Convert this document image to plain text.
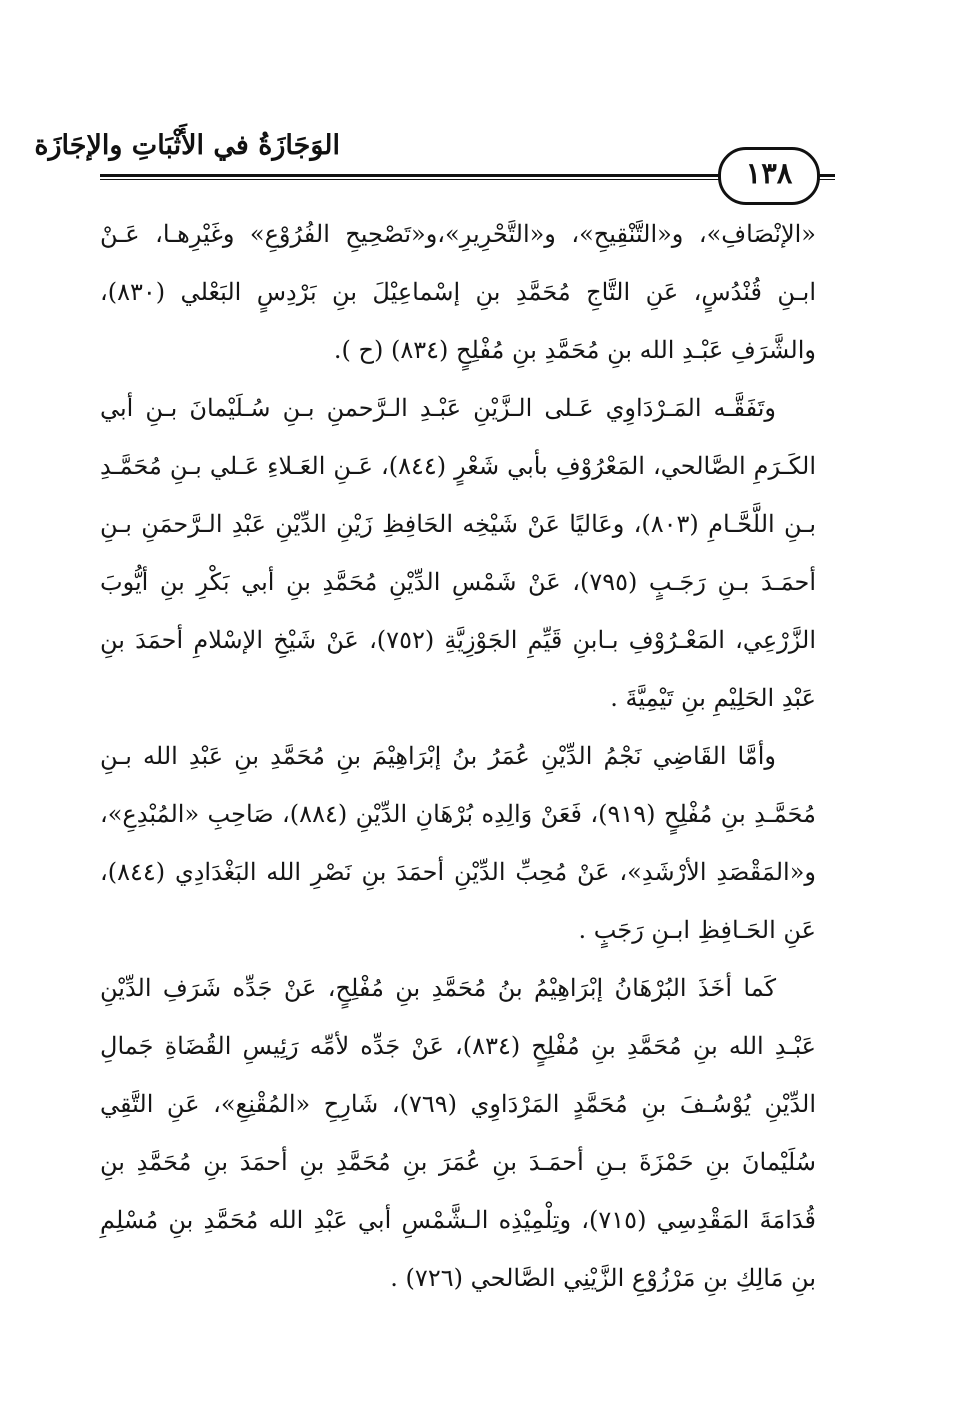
الوَجَازَةُ في الأَثْبَاتِ والإجَازَة
١٣٨

«الإنْصَافِ»، و«التَّنْقِيحِ»، و«التَّحْرِيرِ»،و«تَصْحِيحِ الفُرُوْعِ» وغَيْرِهـا، عَـنْ ابـنِ قُنْدُسٍ، عَنِ التَّاجِ مُحَمَّدِ بنِ إسْماعِيْلَ بنِ بَرْدِسٍ البَعْلي (٨٣٠)، والشَّرَفِ عَبْـدِ الله بنِ مُحَمَّدِ بنِ مُفْلِحٍ (٨٣٤) (ح ).

وتَفَقَّـه المَـرْدَاوِي عَـلى الـزَّيْنِ عَبْـدِ الـرَّحمنِ بـنِ سُـلَيْمانَ بـنِ أبي الكَـرَمِ الصَّالحي، المَعْرُوْفِ بأبي شَعْرٍ (٨٤٤)، عَـنِ العَـلاءِ عَـلي بـنِ مُحَمَّـدِ بـنِ اللَّحَّـامِ (٨٠٣)، وعَاليًا عَنْ شَيْخِه الحَافِظِ زَيْنِ الدِّيْنِ عَبْدِ الـرَّحمَنِ بـنِ أحمَـدَ بـنِ رَجَـبٍ (٧٩٥)، عَنْ شَمْسِ الدِّيْنِ مُحَمَّدِ بنِ أبي بَكْرِ بنِ أيُّوبَ الزَّرْعِي، المَعْـرُوْفِ بـابنِ قَيِّمِ الجَوْزِيَّةِ (٧٥٢)، عَنْ شَيْخِ الإسْلامِ أحمَدَ بنِ عَبْدِ الحَلِيْمِ بنِ تَيْمِيَّةَ .

وأمَّا القَاضِي نَجْمُ الدِّيْنِ عُمَرُ بنُ إبْرَاهِيْمَ بنِ مُحَمَّدِ بنِ عَبْدِ الله بـنِ مُحَمَّـدِ بنِ مُفْلِحٍ (٩١٩)، فَعَنْ وَالِدِه بُرْهَانِ الدِّيْنِ (٨٨٤)، صَاحِبِ «المُبْدِعِ»، و«المَقْصَدِ الأرْشَدِ»، عَنْ مُحِبِّ الدِّيْنِ أحمَدَ بنِ نَصْرِ الله البَغْدَادِي (٨٤٤)، عَنِ الحَـافِظِ ابـنِ رَجَبٍ .

كَما أخَذَ البُرْهَانُ إبْرَاهِيْمُ بنُ مُحَمَّدِ بنِ مُفْلِحٍ، عَنْ جَدِّه شَرَفِ الدِّيْنِ عَبْـدِ الله بنِ مُحَمَّدِ بنِ مُفْلِحٍ (٨٣٤)، عَنْ جَدِّه لأمِّه رَئِيسِ القُضَاةِ جَمالِ الدِّيْنِ يُوْسُـفَ بنِ مُحَمَّدٍ المَرْدَاوِي (٧٦٩)، شَارِحِ «المُقْنِعِ»، عَنِ التَّقِي سُلَيْمانَ بنِ حَمْزَةَ بـنِ أحمَـدَ بنِ عُمَرَ بنِ مُحَمَّدِ بنِ أحمَدَ بنِ مُحَمَّدِ بنِ قُدَامَةَ المَقْدِسِي (٧١٥)، وتِلْمِيْذِه الـشَّمْسِ أبي عَبْدِ الله مُحَمَّدِ بنِ مُسْلِمِ بنِ مَالِكِ بنِ مَرْزُوْعِ الزَّيْنِي الصَّالحي (٧٢٦) .
